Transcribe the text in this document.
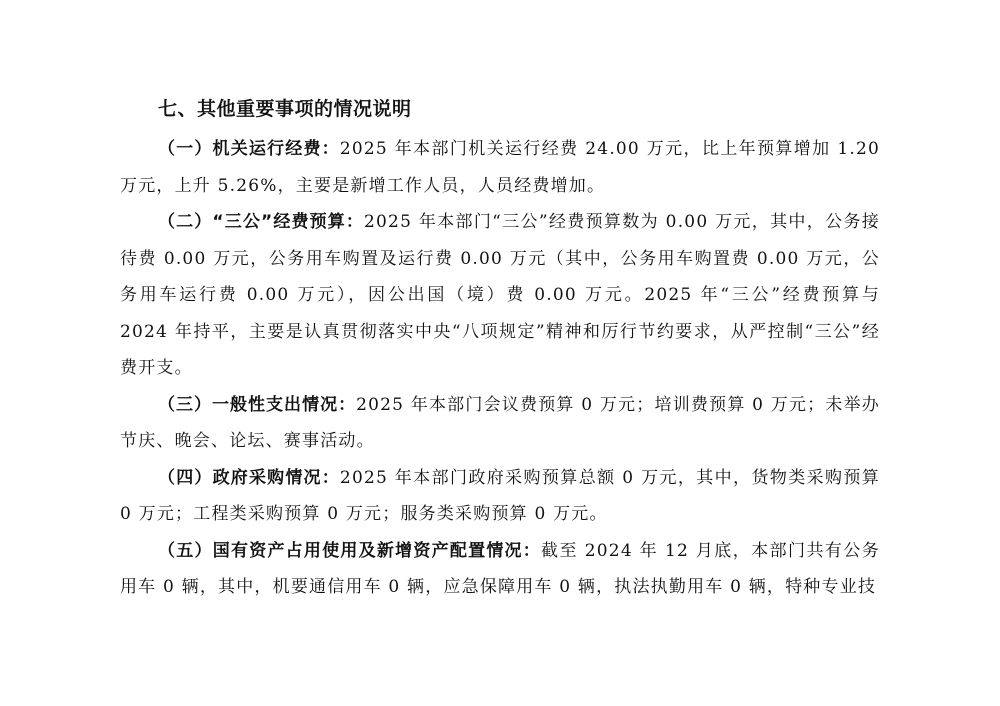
七、其他重要事项的情况说明

（一）机关运行经费：2025 年本部门机关运行经费 24.00 万元，比上年预算增加 1.20 万元，上升 5.26%，主要是新增工作人员，人员经费增加。

（二）“三公”经费预算：2025 年本部门“三公”经费预算数为 0.00 万元，其中，公务接待费 0.00 万元，公务用车购置及运行费 0.00 万元（其中，公务用车购置费 0.00 万元，公务用车运行费 0.00 万元），因公出国（境）费 0.00 万元。2025 年“三公”经费预算与 2024 年持平，主要是认真贯彻落实中央“八项规定”精神和厉行节约要求，从严控制“三公”经费开支。

（三）一般性支出情况：2025 年本部门会议费预算 0 万元；培训费预算 0 万元；未举办节庆、晚会、论坛、赛事活动。

（四）政府采购情况：2025 年本部门政府采购预算总额 0 万元，其中，货物类采购预算 0 万元；工程类采购预算 0 万元；服务类采购预算 0 万元。

（五）国有资产占用使用及新增资产配置情况：截至 2024 年 12 月底，本部门共有公务用车 0 辆，其中，机要通信用车 0 辆，应急保障用车 0 辆，执法执勤用车 0 辆，特种专业技
